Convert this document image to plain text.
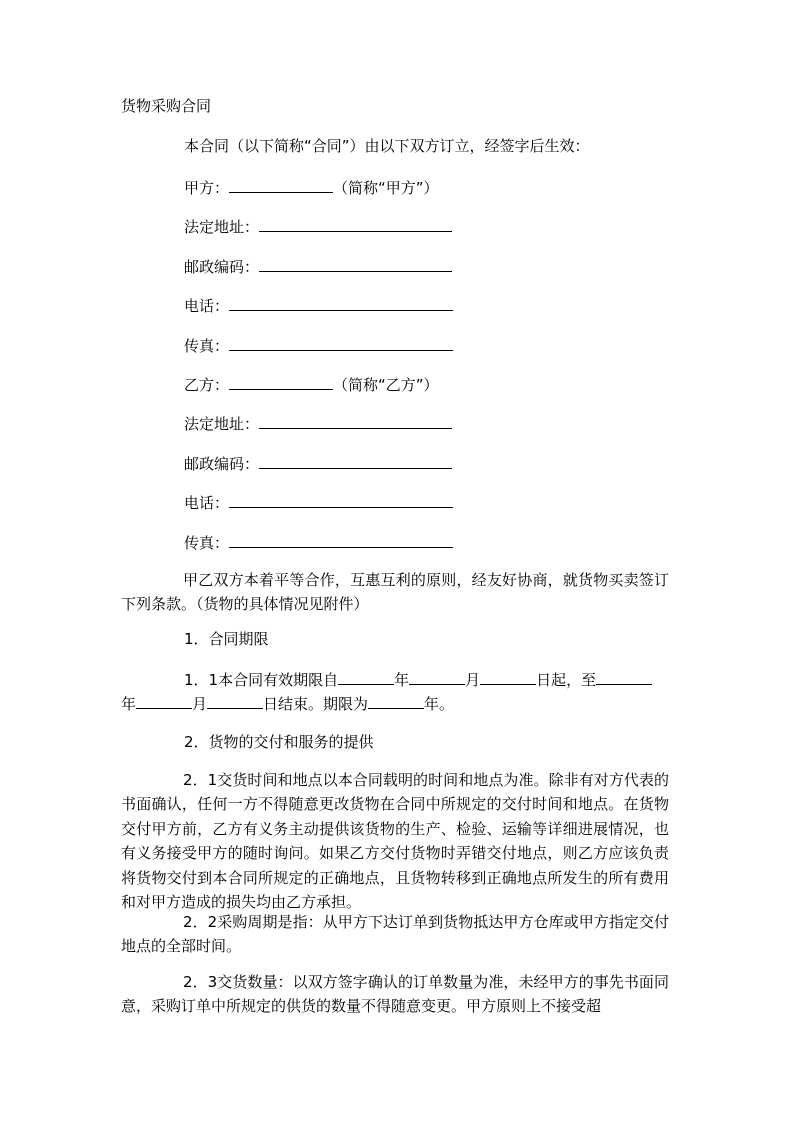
货物采购合同
本合同（以下简称“合同”）由以下双方订立，经签字后生效：
甲方：	（简称“甲方”）
法定地址：
邮政编码：
电话：
传真：
乙方：	（简称“乙方”）
法定地址：
邮政编码：
电话：
传真：
甲乙双方本着平等合作，互惠互利的原则，经友好协商，就货物买卖签订下列条款。（货物的具体情况见附件）
1．合同期限
1．1本合同有效期限自	年	月	日起，至
年	月	日结束。期限为	年。
2．货物的交付和服务的提供
2．1交货时间和地点以本合同载明的时间和地点为准。除非有对方代表的书面确认，任何一方不得随意更改货物在合同中所规定的交付时间和地点。在货物交付甲方前，乙方有义务主动提供该货物的生产、检验、运输等详细进展情况，也有义务接受甲方的随时询问。如果乙方交付货物时弄错交付地点，则乙方应该负责将货物交付到本合同所规定的正确地点，且货物转移到正确地点所发生的所有费用和对甲方造成的损失均由乙方承担。
2．2采购周期是指：从甲方下达订单到货物抵达甲方仓库或甲方指定交付地点的全部时间。
2．3交货数量：以双方签字确认的订单数量为准，未经甲方的事先书面同意，采购订单中所规定的供货的数量不得随意变更。甲方原则上不接受超
